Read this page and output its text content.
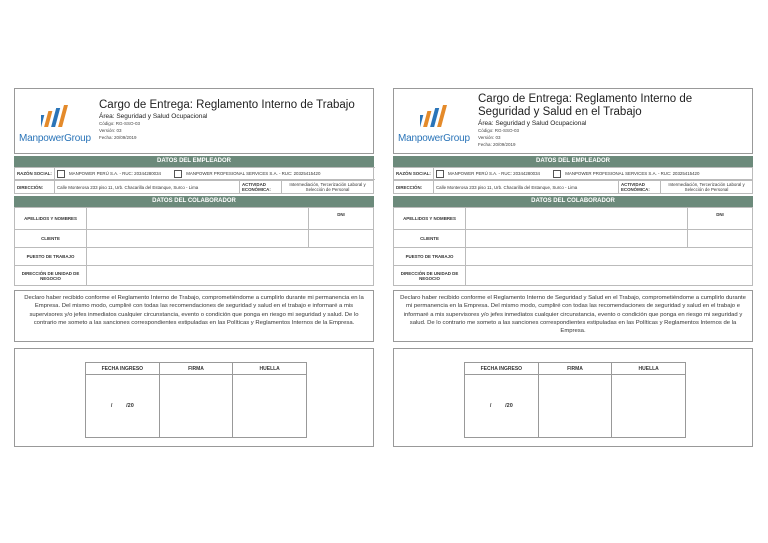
ManpowerGroup
Cargo de Entrega: Reglamento Interno de Trabajo
Área: Seguridad y Salud Ocupacional
Código: RG-SSO-03
Versión: 03
Fecha: 20/09/2019
DATOS DEL EMPLEADOR
RAZÓN SOCIAL:	MANPOWER PERÚ S.A. - RUC: 20344280034	MANPOWER PROFESIONAL SERVICES S.A. - RUC: 20325415420
DIRECCIÓN:	Calle Monterosa 233 piso 11, Urb. Chacarilla del Estanque, Surco - Lima	ACTIVIDAD ECONÓMICA:	Intermediación, Tercerización Laboral y Selección de Personal
DATOS DEL COLABORADOR
APELLIDOS Y NOMBRES		DNI
CLIENTE		
PUESTO DE TRABAJO		
DIRECCIÓN DE UNIDAD DE NEGOCIO		
Declaro haber recibido conforme el Reglamento Interno de Trabajo, comprometiéndome a cumplirlo durante mi permanencia en la Empresa. Del mismo modo, cumpliré con todas las recomendaciones de seguridad y salud en el trabajo e informaré a mis supervisores y/o jefes inmediatos cualquier circunstancia, evento o condición que ponga en riesgo mi seguridad y salud. De lo contrario me someto a las sanciones correspondientes estipuladas en las Políticas y Reglamentos Internos de la Empresa.
FECHA INGRESO	FIRMA	HUELLA
/ /20		
ManpowerGroup
Cargo de Entrega: Reglamento Interno de Seguridad y Salud en el Trabajo
Área: Seguridad y Salud Ocupacional
Código: RG-SSO-03
Versión: 03
Fecha: 20/09/2019
DATOS DEL EMPLEADOR
RAZÓN SOCIAL:	MANPOWER PERÚ S.A. - RUC: 20344280034	MANPOWER PROFESIONAL SERVICES S.A. - RUC: 20325415420
DIRECCIÓN:	Calle Monterosa 233 piso 11, Urb. Chacarilla del Estanque, Surco - Lima	ACTIVIDAD ECONÓMICA:	Intermediación, Tercerización Laboral y Selección de Personal
DATOS DEL COLABORADOR
APELLIDOS Y NOMBRES		DNI
CLIENTE		
PUESTO DE TRABAJO		
DIRECCIÓN DE UNIDAD DE NEGOCIO		
Declaro haber recibido conforme el Reglamento Interno de Seguridad y Salud en el Trabajo, comprometiéndome a cumplirlo durante mi permanencia en la Empresa. Del mismo modo, cumpliré con todas las recomendaciones de seguridad y salud en el trabajo e informaré a mis supervisores y/o jefes inmediatos cualquier circunstancia, evento o condición que ponga en riesgo mi seguridad y salud. De lo contrario me someto a las sanciones correspondientes estipuladas en las Políticas y Reglamentos Internos de la Empresa.
FECHA INGRESO	FIRMA	HUELLA
/ /20		
